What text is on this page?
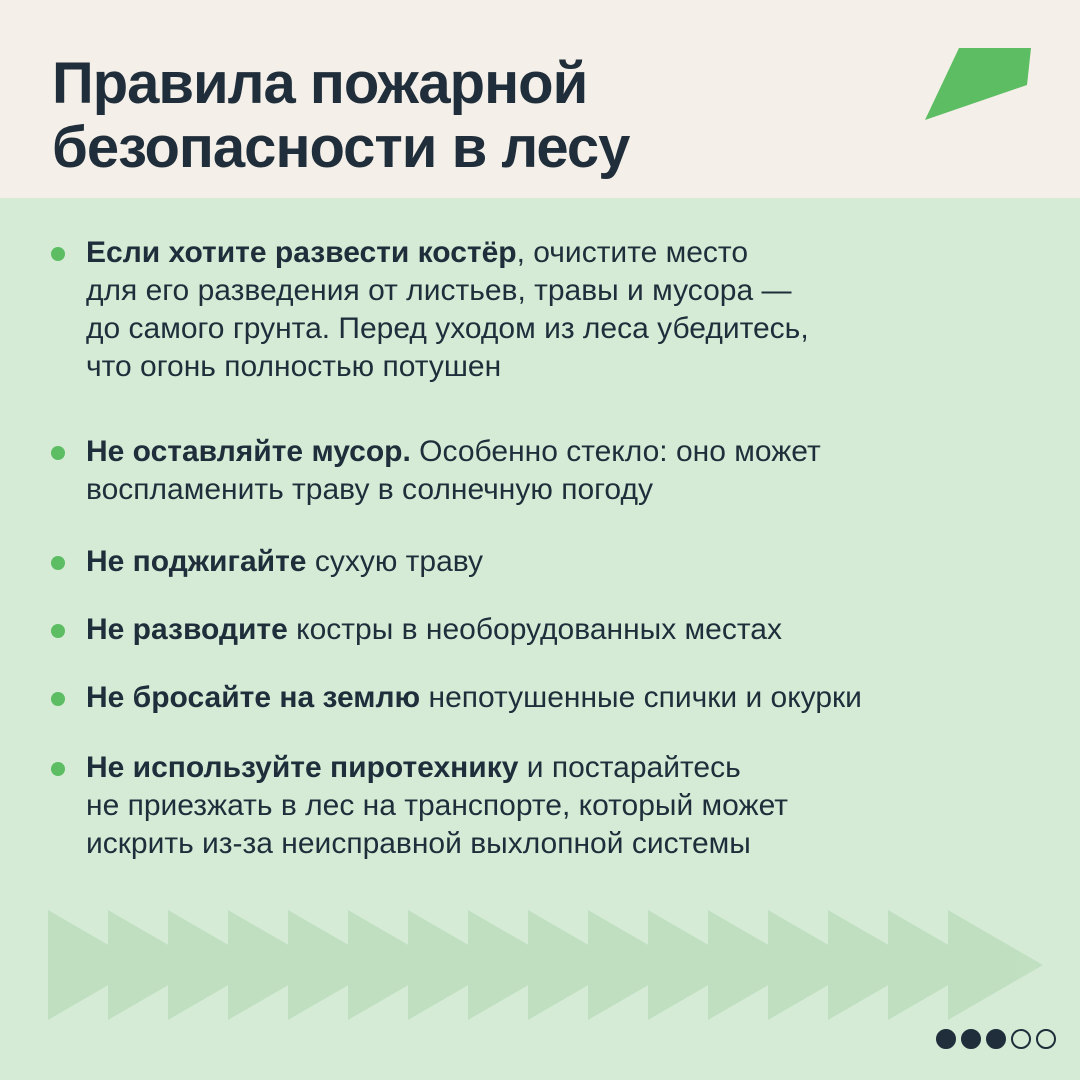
Правила пожарной
безопасности в лесу
Если хотите развести костёр, очистите место
для его разведения от листьев, травы и мусора —
до самого грунта. Перед уходом из леса убедитесь,
что огонь полностью потушен
Не оставляйте мусор. Особенно стекло: оно может
воспламенить траву в солнечную погоду
Не поджигайте сухую траву
Не разводите костры в необорудованных местах
Не бросайте на землю непотушенные спички и окурки
Не используйте пиротехнику и постарайтесь
не приезжать в лес на транспорте, который может
искрить из-за неисправной выхлопной системы
